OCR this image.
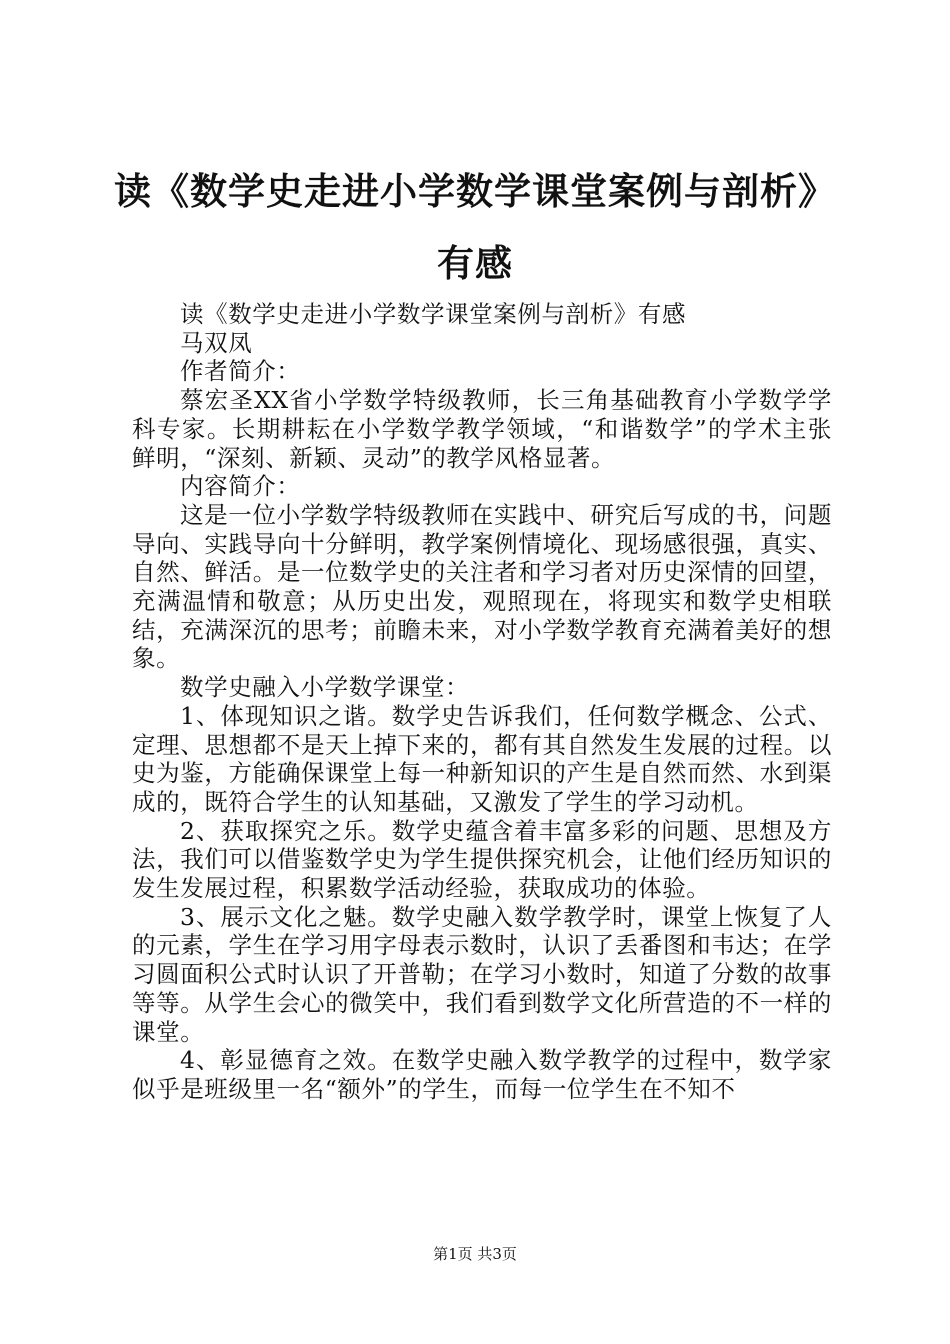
读《数学史走进小学数学课堂案例与剖析》有感

读《数学史走进小学数学课堂案例与剖析》有感

马双凤

作者简介：

蔡宏圣XX省小学数学特级教师，长三角基础教育小学数学学科专家。长期耕耘在小学数学教学领域，“和谐数学”的学术主张鲜明，“深刻、新颖、灵动”的教学风格显著。

内容简介：

这是一位小学数学特级教师在实践中、研究后写成的书，问题导向、实践导向十分鲜明，教学案例情境化、现场感很强，真实、自然、鲜活。是一位数学史的关注者和学习者对历史深情的回望，充满温情和敬意；从历史出发，观照现在，将现实和数学史相联结，充满深沉的思考；前瞻未来，对小学数学教育充满着美好的想象。

数学史融入小学数学课堂：

1、体现知识之谐。数学史告诉我们，任何数学概念、公式、定理、思想都不是天上掉下来的，都有其自然发生发展的过程。以史为鉴，方能确保课堂上每一种新知识的产生是自然而然、水到渠成的，既符合学生的认知基础，又激发了学生的学习动机。

2、获取探究之乐。数学史蕴含着丰富多彩的问题、思想及方法，我们可以借鉴数学史为学生提供探究机会，让他们经历知识的发生发展过程，积累数学活动经验，获取成功的体验。

3、展示文化之魅。数学史融入数学教学时，课堂上恢复了人的元素，学生在学习用字母表示数时，认识了丢番图和韦达；在学习圆面积公式时认识了开普勒；在学习小数时，知道了分数的故事等等。从学生会心的微笑中，我们看到数学文化所营造的不一样的课堂。

4、彰显德育之效。在数学史融入数学教学的过程中，数学家似乎是班级里一名“额外”的学生，而每一位学生在不知不

第1页 共3页
